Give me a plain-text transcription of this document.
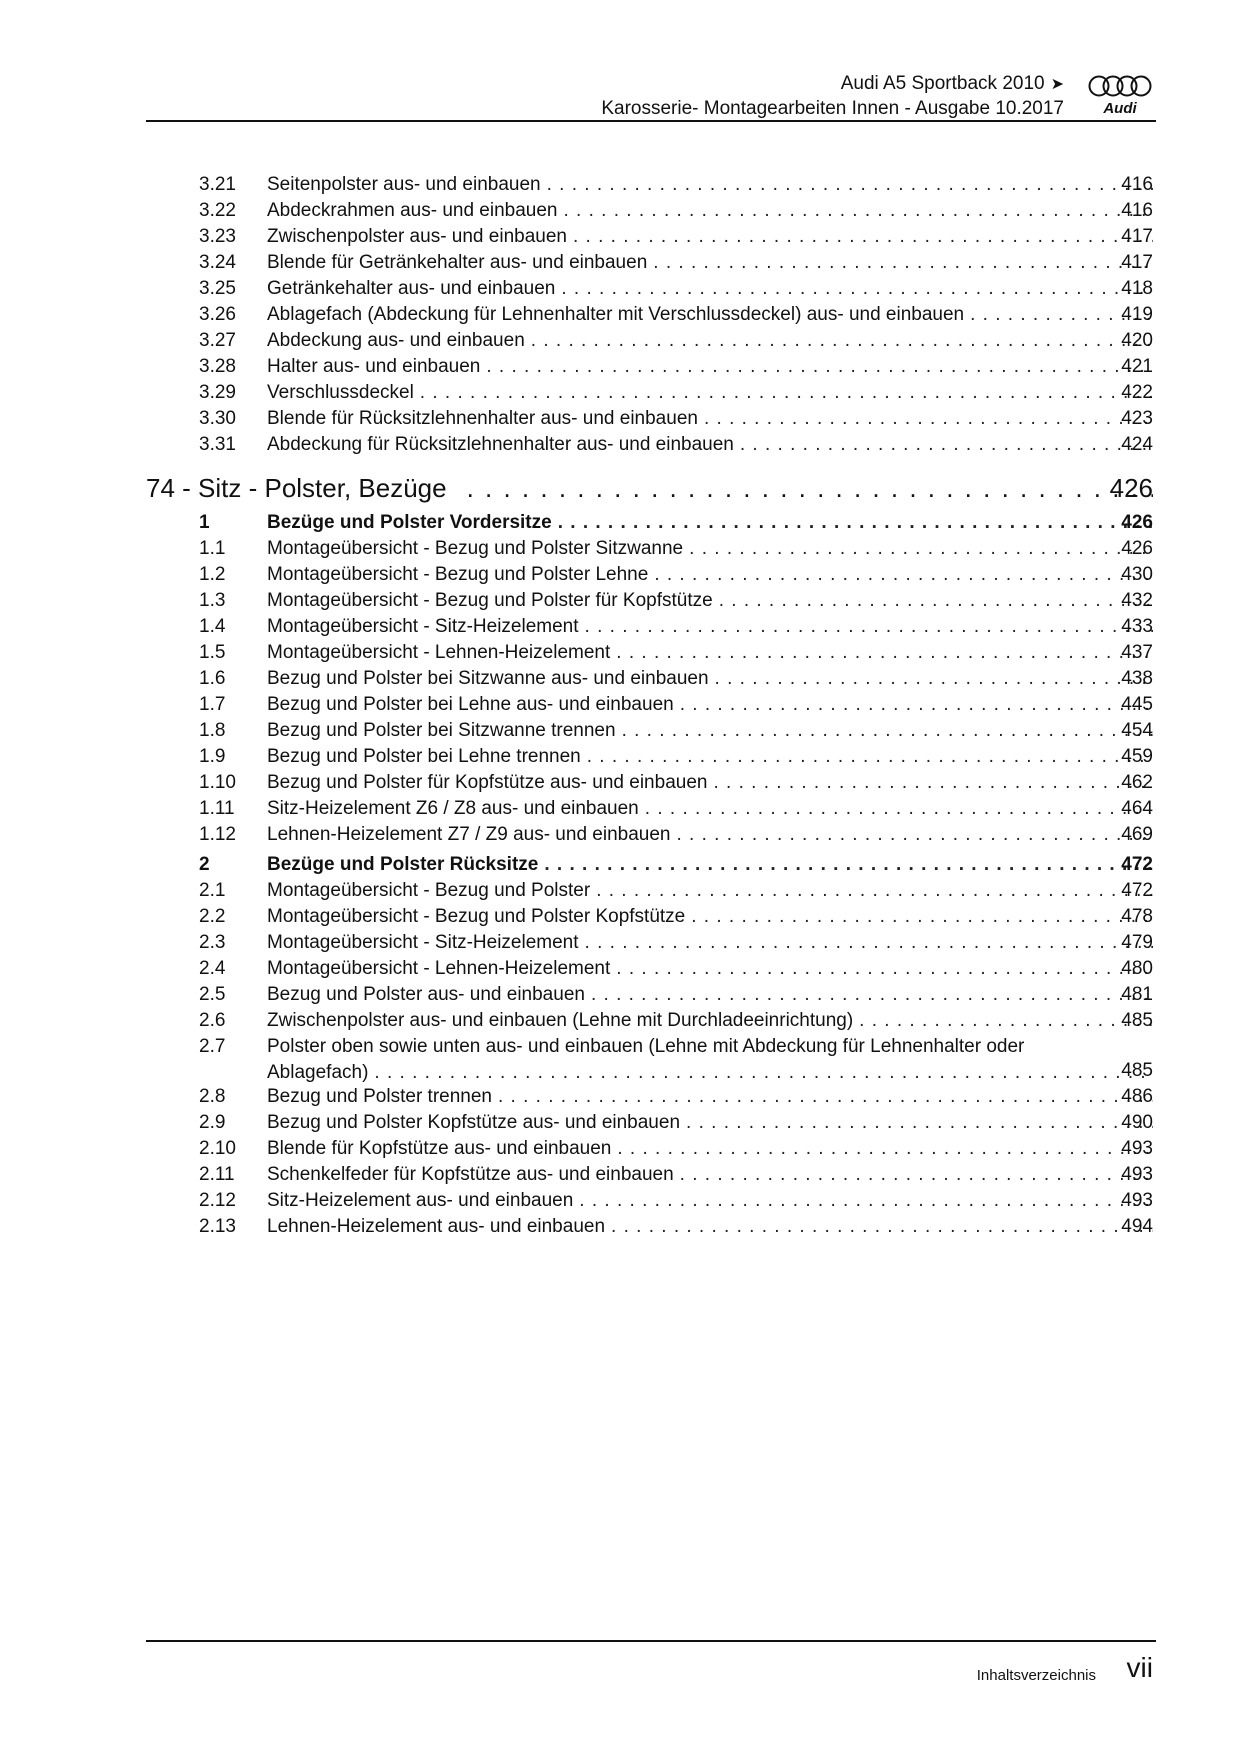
Audi A5 Sportback 2010 ➤
Karosserie- Montagearbeiten Innen - Ausgabe 10.2017	Audi
3.21 Seitenpolster aus- und einbauen . . .	416
3.22 Abdeckrahmen aus- und einbauen . . .	416
3.23 Zwischenpolster aus- und einbauen . . .	417
3.24 Blende für Getränkehalter aus- und einbauen . . .	417
3.25 Getränkehalter aus- und einbauen . . .	418
3.26 Ablagefach (Abdeckung für Lehnenhalter mit Verschlussdeckel) aus- und einbauen . . .	419
3.27 Abdeckung aus- und einbauen . . .	420
3.28 Halter aus- und einbauen . . .	421
3.29 Verschlussdeckel . . .	422
3.30 Blende für Rücksitzlehnenhalter aus- und einbauen . . .	423
3.31 Abdeckung für Rücksitzlehnenhalter aus- und einbauen . . .	424
74 - Sitz - Polster, Bezüge . . .	426
1	Bezüge und Polster Vordersitze . . .	426
1.1 Montageübersicht - Bezug und Polster Sitzwanne . . .	426
1.2 Montageübersicht - Bezug und Polster Lehne . . .	430
1.3 Montageübersicht - Bezug und Polster für Kopfstütze . . .	432
1.4 Montageübersicht - Sitz-Heizelement . . .	433
1.5 Montageübersicht - Lehnen-Heizelement . . .	437
1.6 Bezug und Polster bei Sitzwanne aus- und einbauen . . .	438
1.7 Bezug und Polster bei Lehne aus- und einbauen . . .	445
1.8 Bezug und Polster bei Sitzwanne trennen . . .	454
1.9 Bezug und Polster bei Lehne trennen . . .	459
1.10 Bezug und Polster für Kopfstütze aus- und einbauen . . .	462
1.11 Sitz-Heizelement Z6 / Z8 aus- und einbauen . . .	464
1.12 Lehnen-Heizelement Z7 / Z9 aus- und einbauen . . .	469
2	Bezüge und Polster Rücksitze . . .	472
2.1 Montageübersicht - Bezug und Polster . . .	472
2.2 Montageübersicht - Bezug und Polster Kopfstütze . . .	478
2.3 Montageübersicht - Sitz-Heizelement . . .	479
2.4 Montageübersicht - Lehnen-Heizelement . . .	480
2.5 Bezug und Polster aus- und einbauen . . .	481
2.6 Zwischenpolster aus- und einbauen (Lehne mit Durchladeeinrichtung) . . .	485
2.7 Polster oben sowie unten aus- und einbauen (Lehne mit Abdeckung für Lehnenhalter oder
Ablagefach) . . .	485
2.8 Bezug und Polster trennen . . .	486
2.9 Bezug und Polster Kopfstütze aus- und einbauen . . .	490
2.10 Blende für Kopfstütze aus- und einbauen . . .	493
2.11 Schenkelfeder für Kopfstütze aus- und einbauen . . .	493
2.12 Sitz-Heizelement aus- und einbauen . . .	493
2.13 Lehnen-Heizelement aus- und einbauen . . .	494
Inhaltsverzeichnis vii
